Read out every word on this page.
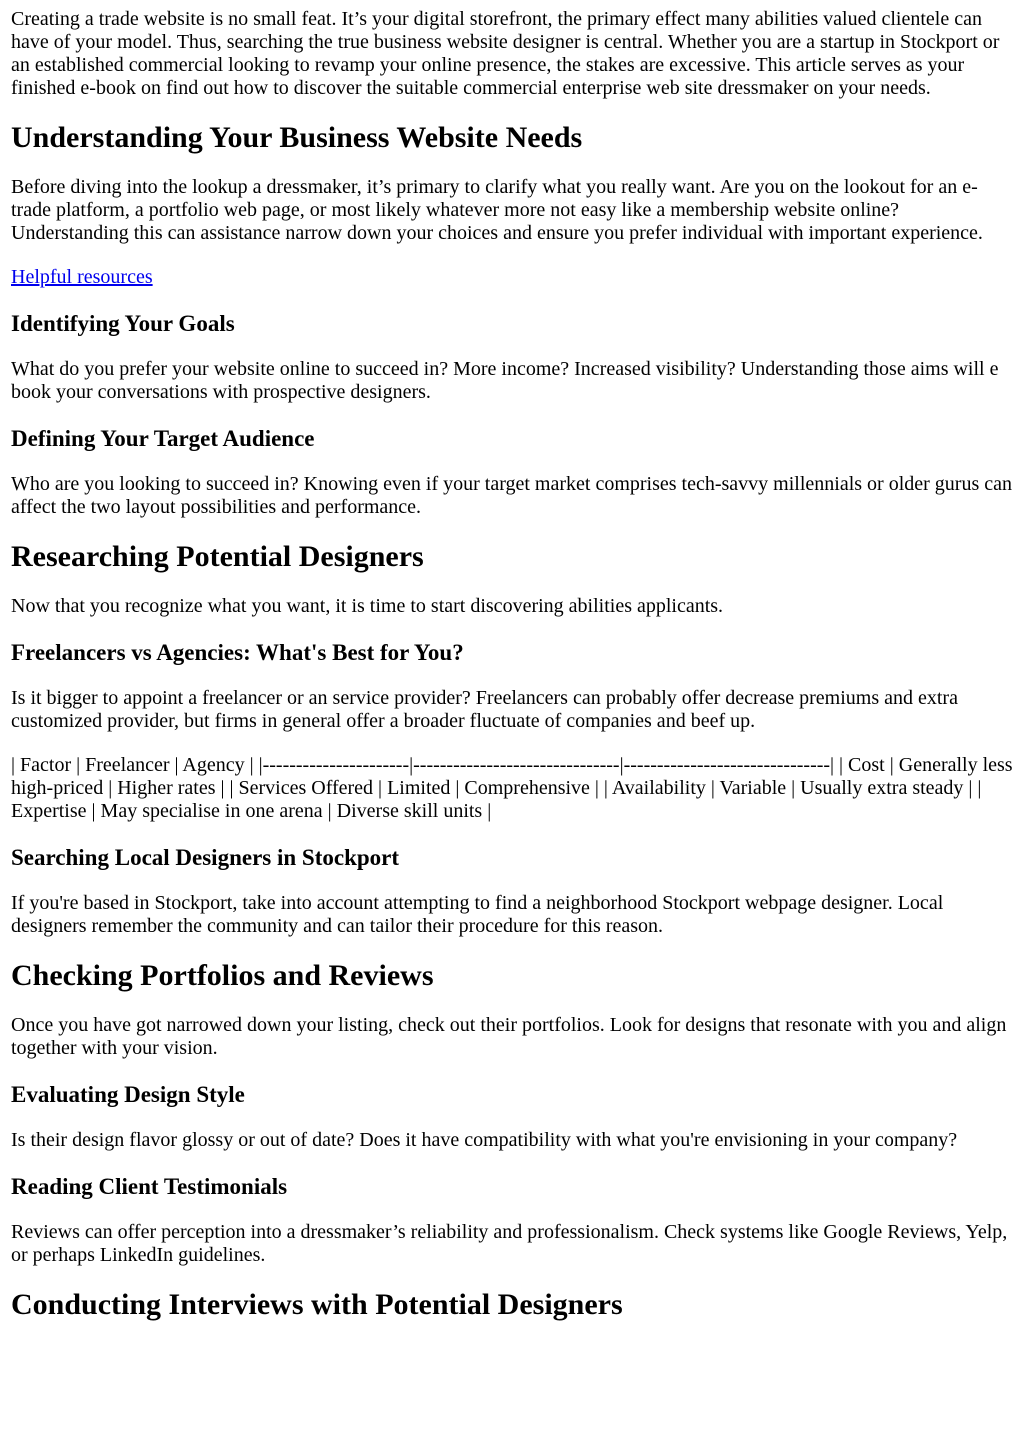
Creating a trade website is no small feat. It’s your digital storefront, the primary effect many abilities valued clientele can have of your model. Thus, searching the true business website designer is central. Whether you are a startup in Stockport or an established commercial looking to revamp your online presence, the stakes are excessive. This article serves as your finished e-book on find out how to discover the suitable commercial enterprise web site dressmaker on your needs.

Understanding Your Business Website Needs

Before diving into the lookup a dressmaker, it’s primary to clarify what you really want. Are you on the lookout for an e-trade platform, a portfolio web page, or most likely whatever more not easy like a membership website online? Understanding this can assistance narrow down your choices and ensure you prefer individual with important experience.

Helpful resources

Identifying Your Goals

What do you prefer your website online to succeed in? More income? Increased visibility? Understanding those aims will e book your conversations with prospective designers.

Defining Your Target Audience

Who are you looking to succeed in? Knowing even if your target market comprises tech-savvy millennials or older gurus can affect the two layout possibilities and performance.

Researching Potential Designers

Now that you recognize what you want, it is time to start discovering abilities applicants.

Freelancers vs Agencies: What's Best for You?

Is it bigger to appoint a freelancer or an service provider? Freelancers can probably offer decrease premiums and extra customized provider, but firms in general offer a broader fluctuate of companies and beef up.

| Factor | Freelancer | Agency | |----------------------|-------------------------------|-------------------------------| | Cost | Generally less high-priced | Higher rates | | Services Offered | Limited | Comprehensive | | Availability | Variable | Usually extra steady | | Expertise | May specialise in one arena | Diverse skill units |

Searching Local Designers in Stockport

If you're based in Stockport, take into account attempting to find a neighborhood Stockport webpage designer. Local designers remember the community and can tailor their procedure for this reason.

Checking Portfolios and Reviews

Once you have got narrowed down your listing, check out their portfolios. Look for designs that resonate with you and align together with your vision.

Evaluating Design Style

Is their design flavor glossy or out of date? Does it have compatibility with what you're envisioning in your company?

Reading Client Testimonials

Reviews can offer perception into a dressmaker’s reliability and professionalism. Check systems like Google Reviews, Yelp, or perhaps LinkedIn guidelines.

Conducting Interviews with Potential Designers
